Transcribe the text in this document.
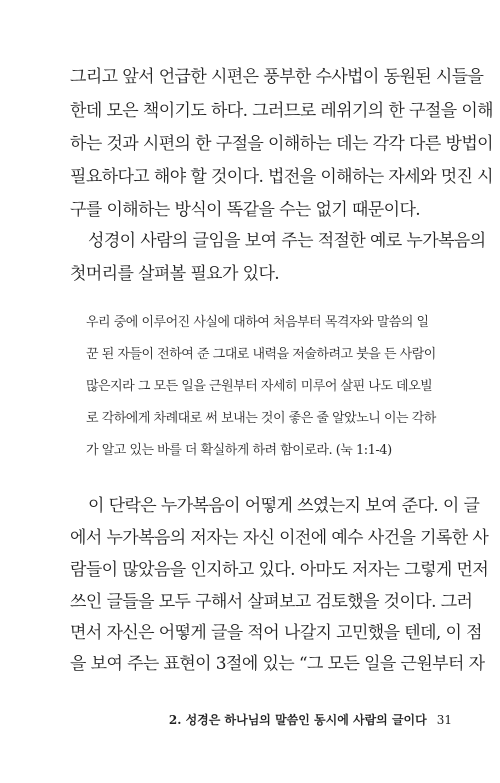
그리고 앞서 언급한 시편은 풍부한 수사법이 동원된 시들을
한데 모은 책이기도 하다. 그러므로 레위기의 한 구절을 이해
하는 것과 시편의 한 구절을 이해하는 데는 각각 다른 방법이
필요하다고 해야 할 것이다. 법전을 이해하는 자세와 멋진 시
구를 이해하는 방식이 똑같을 수는 없기 때문이다.
성경이 사람의 글임을 보여 주는 적절한 예로 누가복음의
첫머리를 살펴볼 필요가 있다.
우리 중에 이루어진 사실에 대하여 처음부터 목격자와 말씀의 일
꾼 된 자들이 전하여 준 그대로 내력을 저술하려고 붓을 든 사람이
많은지라 그 모든 일을 근원부터 자세히 미루어 살핀 나도 데오빌
로 각하에게 차례대로 써 보내는 것이 좋은 줄 알았노니 이는 각하
가 알고 있는 바를 더 확실하게 하려 함이로라. (눅 1:1-4)
이 단락은 누가복음이 어떻게 쓰였는지 보여 준다. 이 글
에서 누가복음의 저자는 자신 이전에 예수 사건을 기록한 사
람들이 많았음을 인지하고 있다. 아마도 저자는 그렇게 먼저
쓰인 글들을 모두 구해서 살펴보고 검토했을 것이다. 그러
면서 자신은 어떻게 글을 적어 나갈지 고민했을 텐데, 이 점
을 보여 주는 표현이 3절에 있는 “그 모든 일을 근원부터 자
2. 성경은 하나님의 말씀인 동시에 사람의 글이다 31
